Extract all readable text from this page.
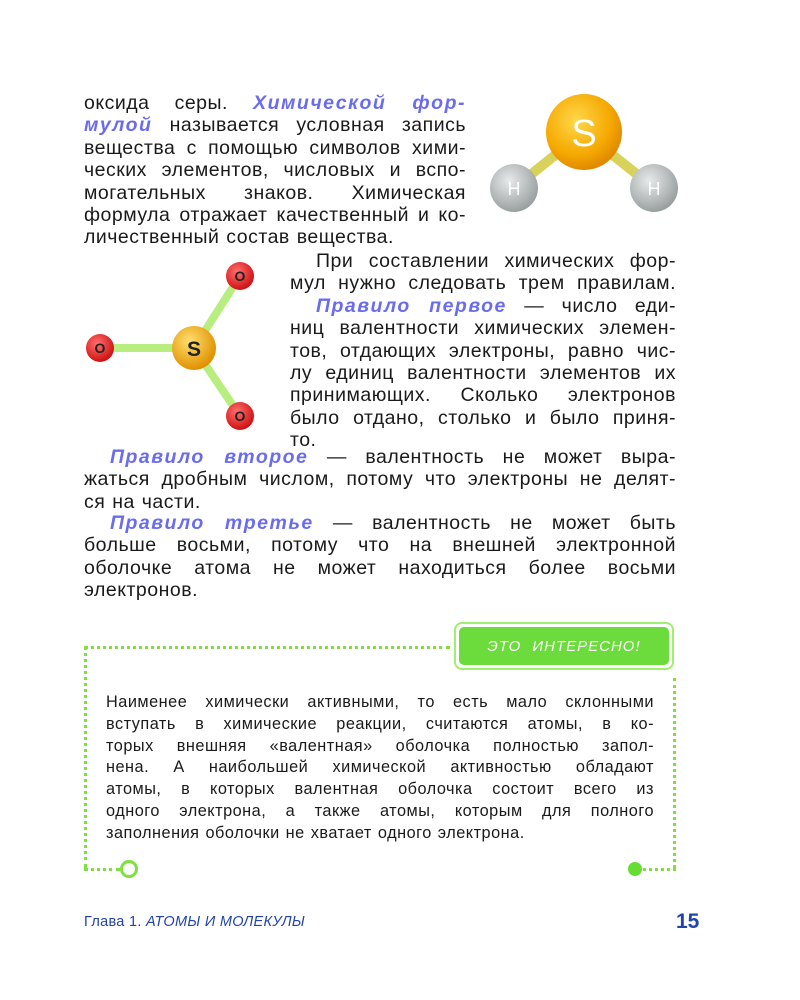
оксида серы. Химической фор-
мулой называется условная запись
вещества с помощью символов хими-
ческих элементов, числовых и вспо-
могательных знаков. Химическая
формула отражает качественный и ко-
личественный состав вещества.
S
H	H
S
O
O
O
При составлении химических фор-
мул нужно следовать трем правилам.
Правило первое — число еди-
ниц валентности химических элемен-
тов, отдающих электроны, равно чис-
лу единиц валентности элементов их
принимающих. Сколько электронов
было отдано, столько и было приня-
то.
Правило второе — валентность не может выра-
жаться дробным числом, потому что электроны не делят-
ся на части.
Правило третье — валентность не может быть
больше восьми, потому что на внешней электронной
оболочке атома не может находиться более восьми
электронов.
ЭТО ИНТЕРЕСНО!
Наименее химически активными, то есть мало склонными
вступать в химические реакции, считаются атомы, в ко-
торых внешняя «валентная» оболочка полностью запол-
нена. А наибольшей химической активностью обладают
атомы, в которых валентная оболочка состоит всего из
одного электрона, а также атомы, которым для полного
заполнения оболочки не хватает одного электрона.
Глава 1. АТОМЫ И МОЛЕКУЛЫ	15
